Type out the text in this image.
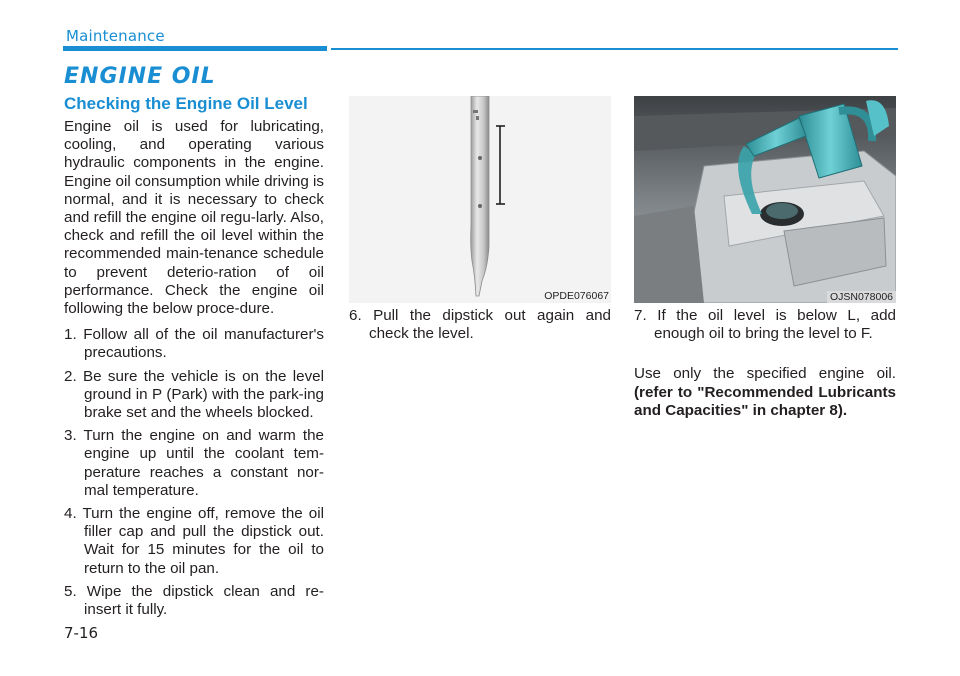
Maintenance
ENGINE OIL
Checking the Engine Oil Level

Engine oil is used for lubricating, cooling, and operating various hydraulic components in the engine. Engine oil consumption while driving is normal, and it is necessary to check and refill the engine oil regu-larly. Also, check and refill the oil level within the recommended main-tenance schedule to prevent deterio-ration of oil performance. Check the engine oil following the below proce-dure.

1. Follow all of the oil manufacturer's precautions.
2. Be sure the vehicle is on the level ground in P (Park) with the park-ing brake set and the wheels blocked.
3. Turn the engine on and warm the engine up until the coolant tem-perature reaches a constant nor-mal temperature.
4. Turn the engine off, remove the oil filler cap and pull the dipstick out. Wait for 15 minutes for the oil to return to the oil pan.
5. Wipe the dipstick clean and re-insert it fully.
OPDE076067	OJSN078006

6. Pull the dipstick out again and check the level.

7. If the oil level is below L, add enough oil to bring the level to F.

Use only the specified engine oil. (refer to "Recommended Lubricants and Capacities" in chapter 8).

7-16
